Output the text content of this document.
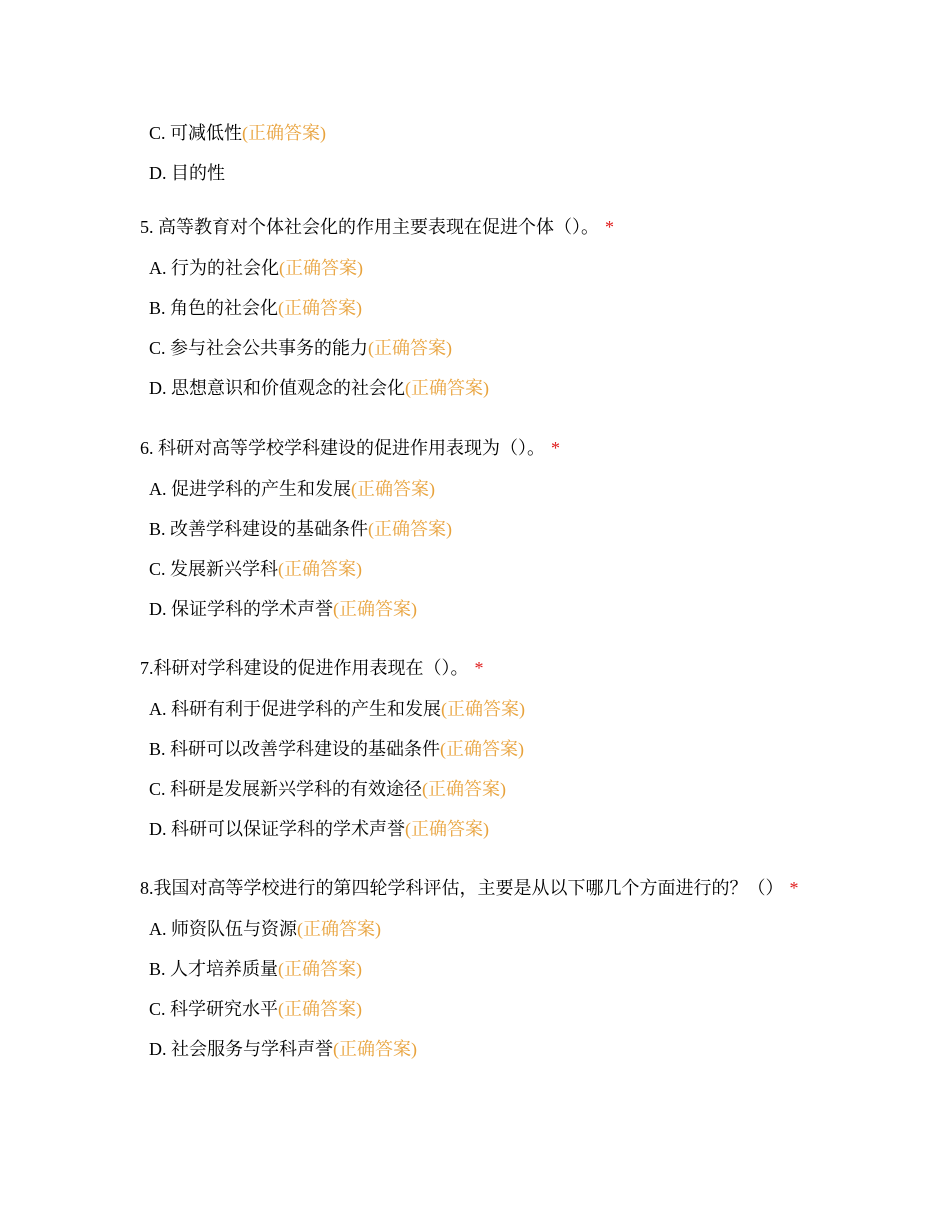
C. 可减低性(正确答案)
D. 目的性
5. 高等教育对个体社会化的作用主要表现在促进个体（）。 *
A. 行为的社会化(正确答案)
B. 角色的社会化(正确答案)
C. 参与社会公共事务的能力(正确答案)
D. 思想意识和价值观念的社会化(正确答案)
6. 科研对高等学校学科建设的促进作用表现为（）。 *
A. 促进学科的产生和发展(正确答案)
B. 改善学科建设的基础条件(正确答案)
C. 发展新兴学科(正确答案)
D. 保证学科的学术声誉(正确答案)
7.科研对学科建设的促进作用表现在（）。 *
A. 科研有利于促进学科的产生和发展(正确答案)
B. 科研可以改善学科建设的基础条件(正确答案)
C. 科研是发展新兴学科的有效途径(正确答案)
D. 科研可以保证学科的学术声誉(正确答案)
8.我国对高等学校进行的第四轮学科评估，主要是从以下哪几个方面进行的？（） *
A. 师资队伍与资源(正确答案)
B. 人才培养质量(正确答案)
C. 科学研究水平(正确答案)
D. 社会服务与学科声誉(正确答案)
